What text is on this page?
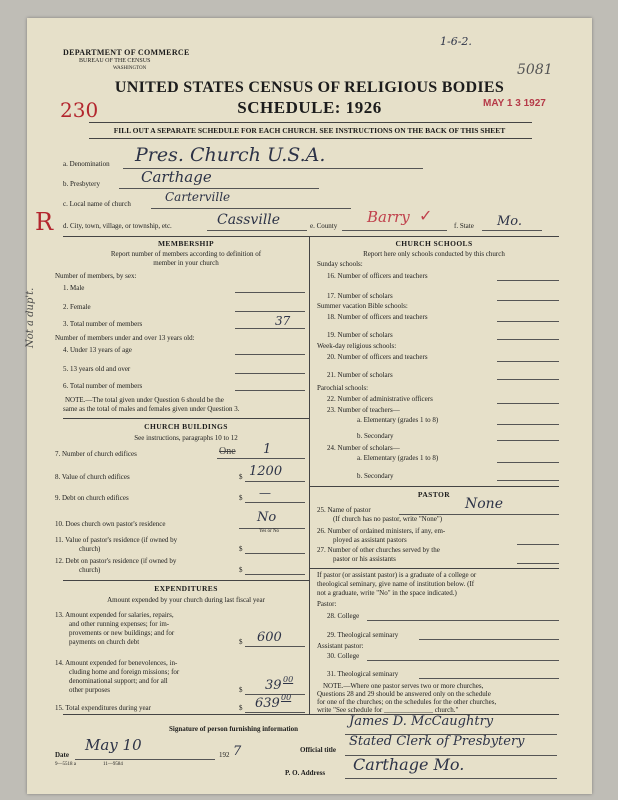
DEPARTMENT OF COMMERCE
BUREAU OF THE CENSUS
WASHINGTON
1-6-2.
5081
UNITED STATES CENSUS OF RELIGIOUS BODIES
SCHEDULE: 1926
230	MAY 1 3 1927
FILL OUT A SEPARATE SCHEDULE FOR EACH CHURCH. SEE INSTRUCTIONS ON THE BACK OF THIS SHEET
a. Denomination Pres. Church U.S.A.
b. Presbytery	Carthage
c. Local name of church	Carterville
R d. City, town, village, or township, etc.	Cassville	e. County Barry ✓
f. State Mo.
Not a dup't.
MEMBERSHIP
Report number of members according to definition of
member in your church
Number of members, by sex:
1. Male
2. Female
3. Total number of members	37
Number of members under and over 13 years old:
4. Under 13 years of age
5. 13 years old and over
6. Total number of members
NOTE.—The total given under Question 6 should be the
same as the total of males and females given under Question 3.
CHURCH BUILDINGS
See instructions, paragraphs 10 to 12
7. Number of church edifices	One 1
8. Value of church edifices	$ 1200
9. Debt on church edifices	$ —
10. Does church own pastor's residence	No
Yes or No
11. Value of pastor's residence (if owned by
church)	$
12. Debt on pastor's residence (if owned by
church)	$
EXPENDITURES
Amount expended by your church during last fiscal year
13. Amount expended for salaries, repairs,
and other running expenses; for im-
provements or new buildings; and for
payments on church debt	$ 600
14. Amount expended for benevolences, in-
cluding home and foreign missions; for
denominational support; and for all
other purposes	$ 39 00
15. Total expenditures during year	$ 639 00
CHURCH SCHOOLS
Report here only schools conducted by this church
Sunday schools:
16. Number of officers and teachers
17. Number of scholars
Summer vacation Bible schools:
18. Number of officers and teachers
19. Number of scholars
Week-day religious schools:
20. Number of officers and teachers
21. Number of scholars
Parochial schools:
22. Number of administrative officers
23. Number of teachers—
a. Elementary (grades 1 to 8)
b. Secondary
24. Number of scholars—
a. Elementary (grades 1 to 8)
b. Secondary
PASTOR
25. Name of pastor	None
(If church has no pastor, write "None")
26. Number of ordained ministers, if any, em-
ployed as assistant pastors
27. Number of other churches served by the
pastor or his assistants
If pastor (or assistant pastor) is a graduate of a college or
theological seminary, give name of institution below. (If
not a graduate, write "No" in the space indicated.)
Pastor:
28. College
29. Theological seminary
Assistant pastor:
30. College
31. Theological seminary
NOTE.—Where one pastor serves two or more churches,
Questions 28 and 29 should be answered only on the schedule
for one of the churches; on the schedules for the other churches,
write "See schedule for ______________ church."
Signature of person furnishing information	James D. McCaughtry
Official title
Stated Clerk of Presbytery
Date
May 10
192 7
9—5518 a	11—9584
P. O. Address Carthage Mo.
